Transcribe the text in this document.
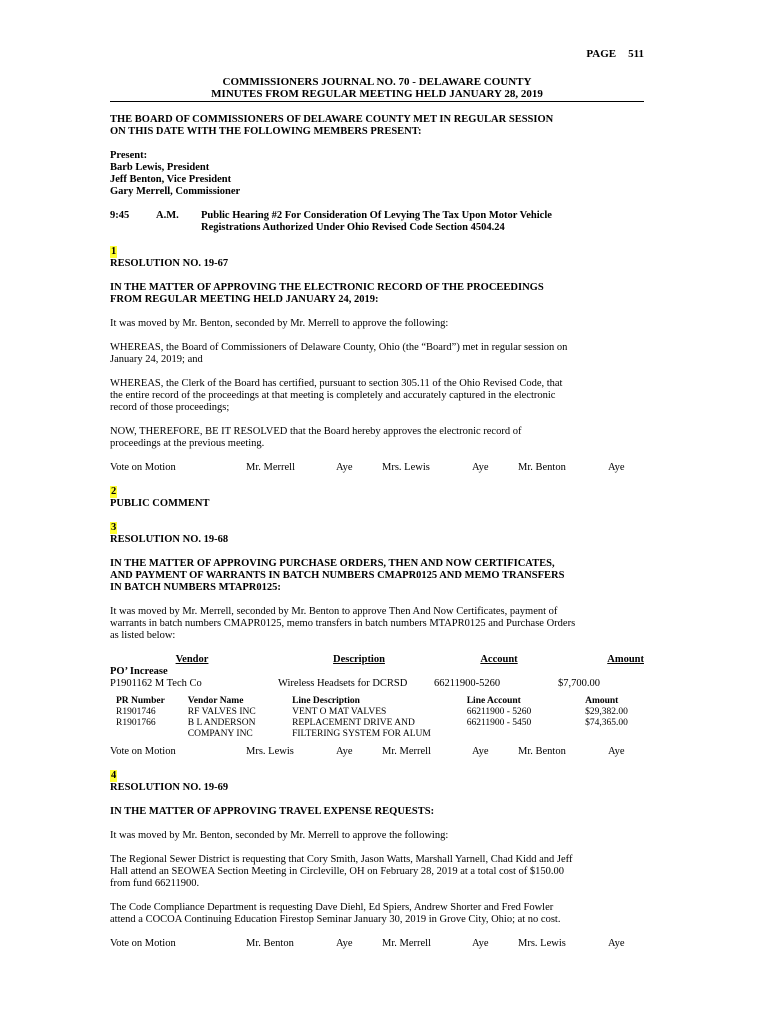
PAGE 511
COMMISSIONERS JOURNAL NO. 70 - DELAWARE COUNTY
MINUTES FROM REGULAR MEETING HELD JANUARY 28, 2019

THE BOARD OF COMMISSIONERS OF DELAWARE COUNTY MET IN REGULAR SESSION

ON THIS DATE WITH THE FOLLOWING MEMBERS PRESENT:

Present:

Barb Lewis, President

Jeff Benton, Vice President

Gary Merrell, Commissioner

9:45	A.M.	Public Hearing #2 For Consideration Of Levying The Tax Upon Motor Vehicle
Registrations Authorized Under Ohio Revised Code Section 4504.24
1

RESOLUTION NO. 19-67

IN THE MATTER OF APPROVING THE ELECTRONIC RECORD OF THE PROCEEDINGS

FROM REGULAR MEETING HELD JANUARY 24, 2019:

It was moved by Mr. Benton, seconded by Mr. Merrell to approve the following:

WHEREAS, the Board of Commissioners of Delaware County, Ohio (the “Board”) met in regular session on

January 24, 2019; and

WHEREAS, the Clerk of the Board has certified, pursuant to section 305.11 of the Ohio Revised Code, that

the entire record of the proceedings at that meeting is completely and accurately captured in the electronic

record of those proceedings;

NOW, THEREFORE, BE IT RESOLVED that the Board hereby approves the electronic record of

proceedings at the previous meeting.

Vote on Motion	Mr. Merrell	Aye	Mrs. Lewis	Aye	Mr. Benton	Aye
2

PUBLIC COMMENT

3

RESOLUTION NO. 19-68

IN THE MATTER OF APPROVING PURCHASE ORDERS, THEN AND NOW CERTIFICATES,

AND PAYMENT OF WARRANTS IN BATCH NUMBERS CMAPR0125 AND MEMO TRANSFERS

IN BATCH NUMBERS MTAPR0125:

It was moved by Mr. Merrell, seconded by Mr. Benton to approve Then And Now Certificates, payment of

warrants in batch numbers CMAPR0125, memo transfers in batch numbers MTAPR0125 and Purchase Orders

as listed below:

Vendor	Description	Account	Amount

PO’ Increase

P1901162 M Tech Co	Wireless Headsets for DCRSD	66211900-5260	$7,700.00
PR Number	Vendor Name	Line Description	Line Account	Amount
R1901746	RF VALVES INC	VENT O MAT VALVES	66211900 - 5260	$29,382.00
R1901766	B L ANDERSON	REPLACEMENT DRIVE AND	66211900 - 5450	$74,365.00
	COMPANY INC	FILTERING SYSTEM FOR ALUM		
Vote on Motion	Mrs. Lewis	Aye	Mr. Merrell	Aye	Mr. Benton	Aye
4

RESOLUTION NO. 19-69

IN THE MATTER OF APPROVING TRAVEL EXPENSE REQUESTS:

It was moved by Mr. Benton, seconded by Mr. Merrell to approve the following:

The Regional Sewer District is requesting that Cory Smith, Jason Watts, Marshall Yarnell, Chad Kidd and Jeff

Hall attend an SEOWEA Section Meeting in Circleville, OH on February 28, 2019 at a total cost of $150.00

from fund 66211900.

The Code Compliance Department is requesting Dave Diehl, Ed Spiers, Andrew Shorter and Fred Fowler

attend a COCOA Continuing Education Firestop Seminar January 30, 2019 in Grove City, Ohio; at no cost.

Vote on Motion	Mr. Benton	Aye	Mr. Merrell	Aye	Mrs. Lewis	Aye
